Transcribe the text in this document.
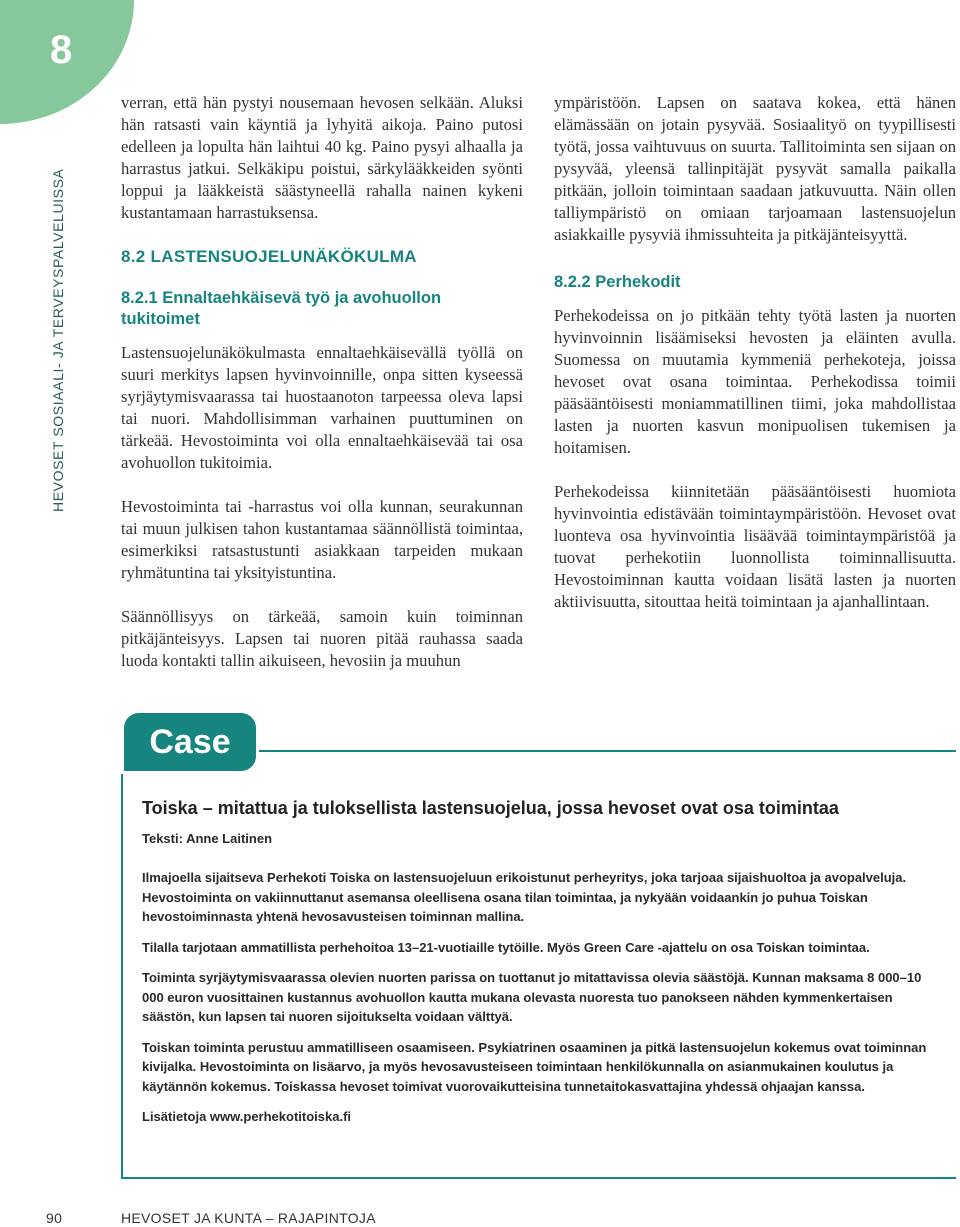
8
HEVOSET SOSIAALI- JA TERVEYSPALVELUISSA

verran, että hän pystyi nousemaan hevosen selkään. Aluksi hän ratsasti vain käyntiä ja lyhyitä aikoja. Paino putosi edelleen ja lopulta hän laihtui 40 kg. Paino pysyi alhaalla ja harrastus jatkui. Selkäkipu poistui, särkylääkkeiden syönti loppui ja lääkkeistä säästyneellä rahalla nainen kykeni kustantamaan harrastuksensa.

8.2 LASTENSUOJELUNÄKÖKULMA
8.2.1 Ennaltaehkäisevä työ ja avohuollon tukitoimet

Lastensuojelunäkökulmasta ennaltaehkäisevällä työllä on suuri merkitys lapsen hyvinvoinnille, onpa sitten kyseessä syrjäytymisvaarassa tai huostaanoton tarpeessa oleva lapsi tai nuori. Mahdollisimman varhainen puuttuminen on tärkeää. Hevostoiminta voi olla ennaltaehkäisevää tai osa avohuollon tukitoimia.

Hevostoiminta tai -harrastus voi olla kunnan, seurakunnan tai muun julkisen tahon kustantamaa säännöllistä toimintaa, esimerkiksi ratsastustunti asiakkaan tarpeiden mukaan ryhmätuntina tai yksityistuntina.

Säännöllisyys on tärkeää, samoin kuin toiminnan pitkäjänteisyys. Lapsen tai nuoren pitää rauhassa saada luoda kontakti tallin aikuiseen, hevosiin ja muuhun

ympäristöön. Lapsen on saatava kokea, että hänen elämässään on jotain pysyvää. Sosiaalityö on tyypillisesti työtä, jossa vaihtuvuus on suurta. Tallitoiminta sen sijaan on pysyvää, yleensä tallinpitäjät pysyvät samalla paikalla pitkään, jolloin toimintaan saadaan jatkuvuutta. Näin ollen talliympäristö on omiaan tarjoamaan lastensuojelun asiakkaille pysyviä ihmissuhteita ja pitkäjänteisyyttä.

8.2.2 Perhekodit

Perhekodeissa on jo pitkään tehty työtä lasten ja nuorten hyvinvoinnin lisäämiseksi hevosten ja eläinten avulla. Suomessa on muutamia kymmeniä perhekoteja, joissa hevoset ovat osana toimintaa. Perhekodissa toimii pääsääntöisesti moniammatillinen tiimi, joka mahdollistaa lasten ja nuorten kasvun monipuolisen tukemisen ja hoitamisen.

Perhekodeissa kiinnitetään pääsääntöisesti huomiota hyvinvointia edistävään toimintaympäristöön. Hevoset ovat luonteva osa hyvinvointia lisäävää toimintaympäristöä ja tuovat perhekotiin luonnollista toiminnallisuutta. Hevostoiminnan kautta voidaan lisätä lasten ja nuorten aktiivisuutta, sitouttaa heitä toimintaan ja ajanhallintaan.

Case
Toiska – mitattua ja tuloksellista lastensuojelua, jossa hevoset ovat osa toimintaa
Teksti: Anne Laitinen
Ilmajoella sijaitseva Perhekoti Toiska on lastensuojeluun erikoistunut perheyritys, joka tarjoaa sijaishuoltoa ja avopalveluja. Hevostoiminta on vakiinnuttanut asemansa oleellisena osana tilan toimintaa, ja nykyään voidaankin jo puhua Toiskan hevostoiminnasta yhtenä hevosavusteisen toiminnan mallina.
Tilalla tarjotaan ammatillista perhehoitoa 13–21-vuotiaille tytöille. Myös Green Care -ajattelu on osa Toiskan toimintaa.
Toiminta syrjäytymisvaarassa olevien nuorten parissa on tuottanut jo mitattavissa olevia säästöjä. Kunnan maksama 8 000–10 000 euron vuosittainen kustannus avohuollon kautta mukana olevasta nuoresta tuo panokseen nähden kymmenkertaisen säästön, kun lapsen tai nuoren sijoitukselta voidaan välttyä.
Toiskan toiminta perustuu ammatilliseen osaamiseen. Psykiatrinen osaaminen ja pitkä lastensuojelun kokemus ovat toiminnan kivijalka. Hevostoiminta on lisäarvo, ja myös hevosavusteiseen toimintaan henkilökunnalla on asianmukainen koulutus ja käytännön kokemus. Toiskassa hevoset toimivat vuorovaikutteisina tunnetaitokasvattajina yhdessä ohjaajan kanssa.
Lisätietoja www.perhekotitoiska.fi
90	HEVOSET JA KUNTA – RAJAPINTOJA
